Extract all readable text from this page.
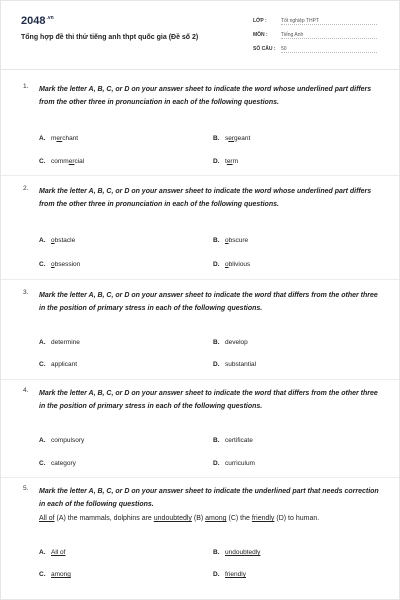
$2048^{.vn}$
Tổng hợp đề thi thử tiếng anh thpt quốc gia (Đề số 2)
LỚP :	Tốt nghiệp THPT
MÔN :	Tiếng Anh
SỐ CÂU : 50
1. Mark the letter A, B, C, or D on your answer sheet to indicate the word whose underlined part differs from the other three in pronunciation in each of the following questions.
A. merchant	B. sergeant
C. commercial	D. term
2. Mark the letter A, B, C, or D on your answer sheet to indicate the word whose underlined part differs from the other three in pronunciation in each of the following questions.
A. obstacle	B. obscure
C. obsession	D. oblivious
3. Mark the letter A, B, C, or D on your answer sheet to indicate the word that differs from the other three in the position of primary stress in each of the following questions.
A. determine	B. develop
C. applicant	D. substantial
4. Mark the letter A, B, C, or D on your answer sheet to indicate the word that differs from the other three in the position of primary stress in each of the following questions.
A. compulsory	B. certificate
C. category	D. curriculum
5. Mark the letter A, B, C, or D on your answer sheet to indicate the underlined part that needs correction in each of the following questions.
All of (A) the mammals, dolphins are undoubtedly (B) among (C) the friendly (D) to human.
A. All of	B. undoubtedly
C. among	D. friendly
